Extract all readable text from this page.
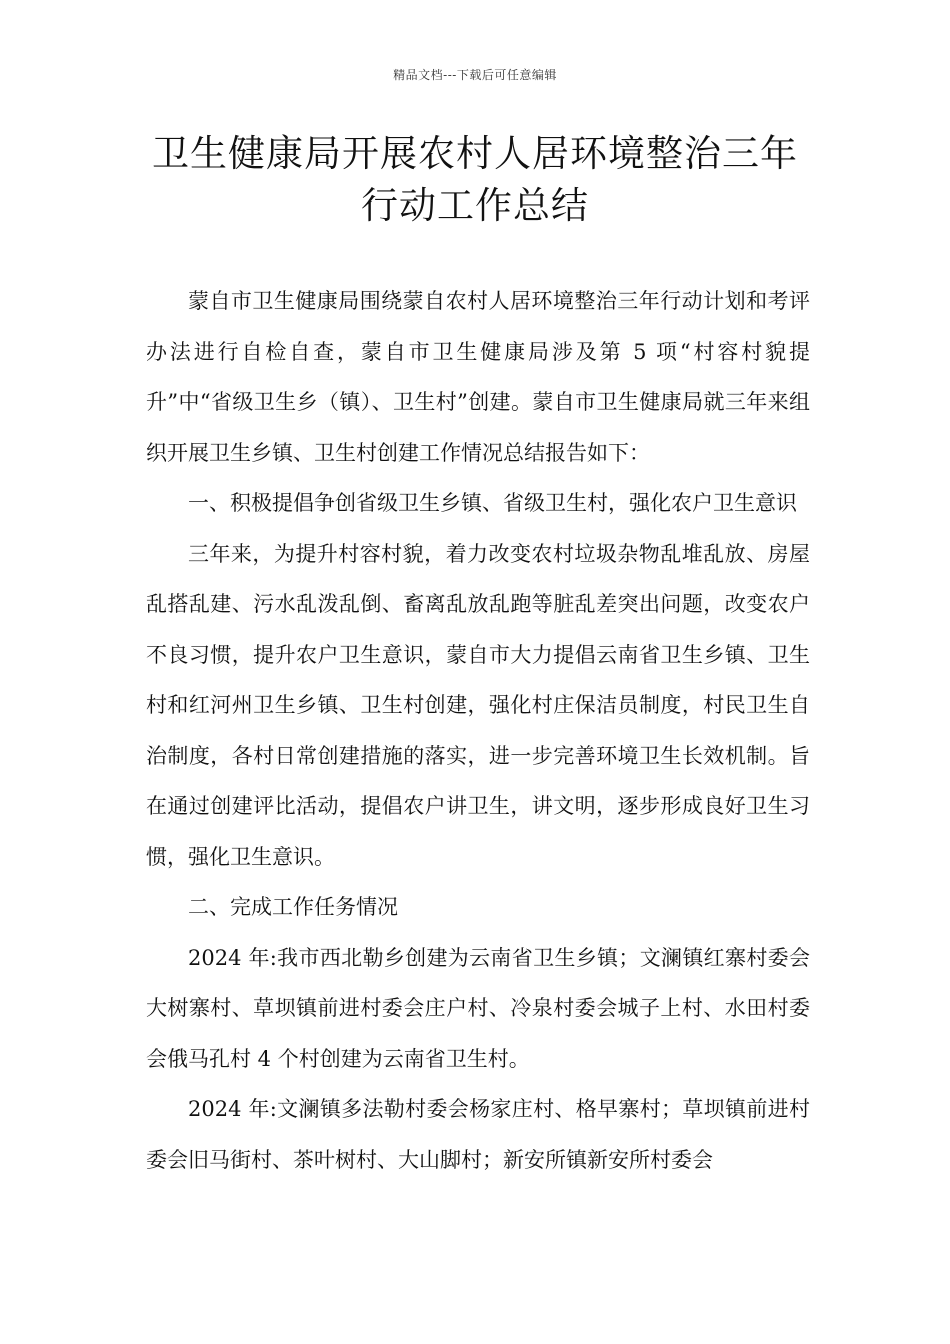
精品文档---下载后可任意编辑
卫生健康局开展农村人居环境整治三年
行动工作总结

蒙自市卫生健康局围绕蒙自农村人居环境整治三年行动计划和考评办法进行自检自查，蒙自市卫生健康局涉及第 5 项“村容村貌提升”中“省级卫生乡（镇）、卫生村”创建。蒙自市卫生健康局就三年来组织开展卫生乡镇、卫生村创建工作情况总结报告如下：

一、积极提倡争创省级卫生乡镇、省级卫生村，强化农户卫生意识

三年来，为提升村容村貌，着力改变农村垃圾杂物乱堆乱放、房屋乱搭乱建、污水乱泼乱倒、畜离乱放乱跑等脏乱差突出问题，改变农户不良习惯，提升农户卫生意识，蒙自市大力提倡云南省卫生乡镇、卫生村和红河州卫生乡镇、卫生村创建，强化村庄保洁员制度，村民卫生自治制度，各村日常创建措施的落实，进一步完善环境卫生长效机制。旨在通过创建评比活动，提倡农户讲卫生，讲文明，逐步形成良好卫生习惯，强化卫生意识。

二、完成工作任务情况

2024 年:我市西北勒乡创建为云南省卫生乡镇；文澜镇红寨村委会大树寨村、草坝镇前进村委会庄户村、冷泉村委会城子上村、水田村委会俄马孔村 4 个村创建为云南省卫生村。

2024 年:文澜镇多法勒村委会杨家庄村、格早寨村；草坝镇前进村委会旧马街村、茶叶树村、大山脚村；新安所镇新安所村委会
